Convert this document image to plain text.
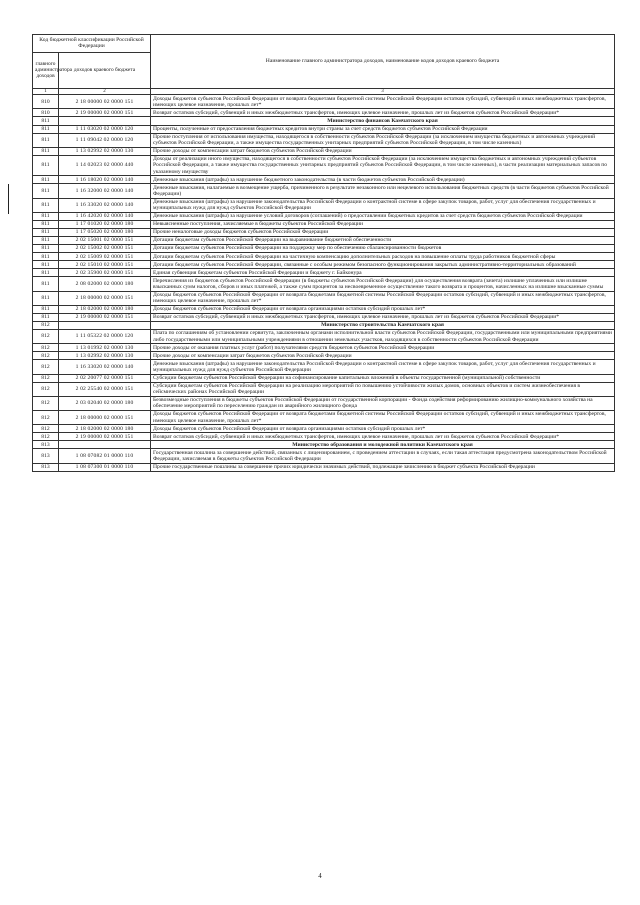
Код бюджетной классификации Российской Федерации		Наименование главного администратора доходов, наименование кодов доходов краевого бюджета
главного администратора доходов	доходов краевого бюджета	
1	2	3
810	2 18 00000 02 0000 151	Доходы бюджетов субъектов Российской Федерации от возврата бюджетами бюджетной системы Российской Федерации остатков субсидий, субвенций и иных межбюджетных трансфертов, имеющих целевое назначение, прошлых лет*
810	2 19 00000 02 0000 151	Возврат остатков субсидий, субвенций и иных межбюджетных трансфертов, имеющих целевое назначение, прошлых лет из бюджетов субъектов Российской Федерации*
811		Министерство финансов Камчатского края
811	1 11 03020 02 0000 120	Проценты, полученные от предоставления бюджетных кредитов внутри страны за счет средств бюджетов субъектов Российской Федерации
811	1 11 09042 02 0000 120	Прочие поступления от использования имущества, находящегося в собственности субъектов Российской Федерации (за исключением имущества бюджетных и автономных учреждений субъектов Российской Федерации, а также имущества государственных унитарных предприятий субъектов Российской Федерации, в том числе казенных)
811	1 13 02992 02 0000 130	Прочие доходы от компенсации затрат бюджетов субъектов Российской Федерации
811	1 14 02023 02 0000 440	Доходы от реализации иного имущества, находящегося в собственности субъектов Российской Федерации (за исключением имущества бюджетных и автономных учреждений субъектов Российской Федерации, а также имущества государственных унитарных предприятий субъектов Российской Федерации, в том числе казенных), в части реализации материальных запасов по указанному имуществу
811	1 16 18020 02 0000 140	Денежные взыскания (штрафы) за нарушение бюджетного законодательства (в части бюджетов субъектов Российской Федерации)
811	1 16 32000 02 0000 140	Денежные взыскания, налагаемые в возмещение ущерба, причиненного в результате незаконного или нецелевого использования бюджетных средств (в части бюджетов субъектов Российской Федерации)
811	1 16 33020 02 0000 140	Денежные взыскания (штрафы) за нарушение законодательства Российской Федерации о контрактной системе в сфере закупок товаров, работ, услуг для обеспечения государственных и муниципальных нужд для нужд субъектов Российской Федерации
811	1 16 42020 02 0000 140	Денежные взыскания (штрафы) за нарушение условий договоров (соглашений) о предоставлении бюджетных кредитов за счет средств бюджетов субъектов Российской Федерации
811	1 17 01020 02 0000 180	Невыясненные поступления, зачисляемые в бюджеты субъектов Российской Федерации
811	1 17 05020 02 0000 180	Прочие неналоговые доходы бюджетов субъектов Российской Федерации
811	2 02 15001 02 0000 151	Дотации бюджетам субъектов Российской Федерации на выравнивание бюджетной обеспеченности
811	2 02 15002 02 0000 151	Дотации бюджетам субъектов Российской Федерации на поддержку мер по обеспечению сбалансированности бюджетов
811	2 02 15009 02 0000 151	Дотации бюджетам субъектов Российской Федерации на частичную компенсацию дополнительных расходов на повышение оплаты труда работников бюджетной сферы
811	2 02 15010 02 0000 151	Дотации бюджетам субъектов Российской Федерации, связанные с особым режимом безопасного функционирования закрытых административно-территориальных образований
811	2 02 35900 02 0000 151	Единая субвенция бюджетам субъектов Российской Федерации и бюджету г. Байконура
811	2 08 02000 02 0000 180	Перечисления из бюджетов субъектов Российской Федерации (в бюджеты субъектов Российской Федерации) для осуществления возврата (зачета) излишне уплаченных или излишне взысканных сумм налогов, сборов и иных платежей, а также сумм процентов за несвоевременное осуществление такого возврата и процентов, начисленных на излишне взысканные суммы
811	2 18 00000 02 0000 151	Доходы бюджетов субъектов Российской Федерации от возврата бюджетами бюджетной системы Российской Федерации остатков субсидий, субвенций и иных межбюджетных трансфертов, имеющих целевое назначение, прошлых лет*
811	2 18 02000 02 0000 180	Доходы бюджетов субъектов Российской Федерации от возврата организациями остатков субсидий прошлых лет*
811	2 19 00000 02 0000 151	Возврат остатков субсидий, субвенций и иных межбюджетных трансфертов, имеющих целевое назначение, прошлых лет из бюджетов субъектов Российской Федерации*
812		Министерство строительства Камчатского края
812	1 11 05322 02 0000 120	Плата по соглашениям об установлении сервитута, заключенным органами исполнительной власти субъектов Российской Федерации, государственными или муниципальными предприятиями либо государственными или муниципальными учреждениями в отношении земельных участков, находящихся в собственности субъектов Российской Федерации
812	1 13 01992 02 0000 130	Прочие доходы от оказания платных услуг (работ) получателями средств бюджетов субъектов Российской Федерации
812	1 13 02992 02 0000 130	Прочие доходы от компенсации затрат бюджетов субъектов Российской Федерации
812	1 16 33020 02 0000 140	Денежные взыскания (штрафы) за нарушение законодательства Российской Федерации о контрактной системе в сфере закупок товаров, работ, услуг для обеспечения государственных и муниципальных нужд для нужд субъектов Российской Федерации
812	2 02 20077 02 0000 151	Субсидии бюджетам субъектов Российской Федерации на софинансирование капитальных вложений в объекты государственной (муниципальной) собственности
812	2 02 25540 02 0000 151	Субсидии бюджетам субъектов Российской Федерации на реализацию мероприятий по повышению устойчивости жилых домов, основных объектов и систем жизнеобеспечения в сейсмических районах Российской Федерации
812	2 03 02040 02 0000 180	Безвозмездные поступления в бюджеты субъектов Российской Федерации от государственной корпорации - Фонда содействия реформированию жилищно-коммунального хозяйства на обеспечение мероприятий по переселению граждан из аварийного жилищного фонда
812	2 18 00000 02 0000 151	Доходы бюджетов субъектов Российской Федерации от возврата бюджетами бюджетной системы Российской Федерации остатков субсидий, субвенций и иных межбюджетных трансфертов, имеющих целевое назначение, прошлых лет*
812	2 18 02000 02 0000 180	Доходы бюджетов субъектов Российской Федерации от возврата организациями остатков субсидий прошлых лет*
812	2 19 00000 02 0000 151	Возврат остатков субсидий, субвенций и иных межбюджетных трансфертов, имеющих целевое назначение, прошлых лет из бюджетов субъектов Российской Федерации*
813		Министерство образования и молодежной политики Камчатского края
813	1 08 07082 01 0000 110	Государственная пошлина за совершение действий, связанных с лицензированием, с проведением аттестации в случаях, если такая аттестация предусмотрена законодательством Российской Федерации, зачисляемая в бюджеты субъектов Российской Федерации
813	1 08 07300 01 0000 110	Прочие государственные пошлины за совершение прочих юридически значимых действий, подлежащие зачислению в бюджет субъекта Российской Федерации
4
